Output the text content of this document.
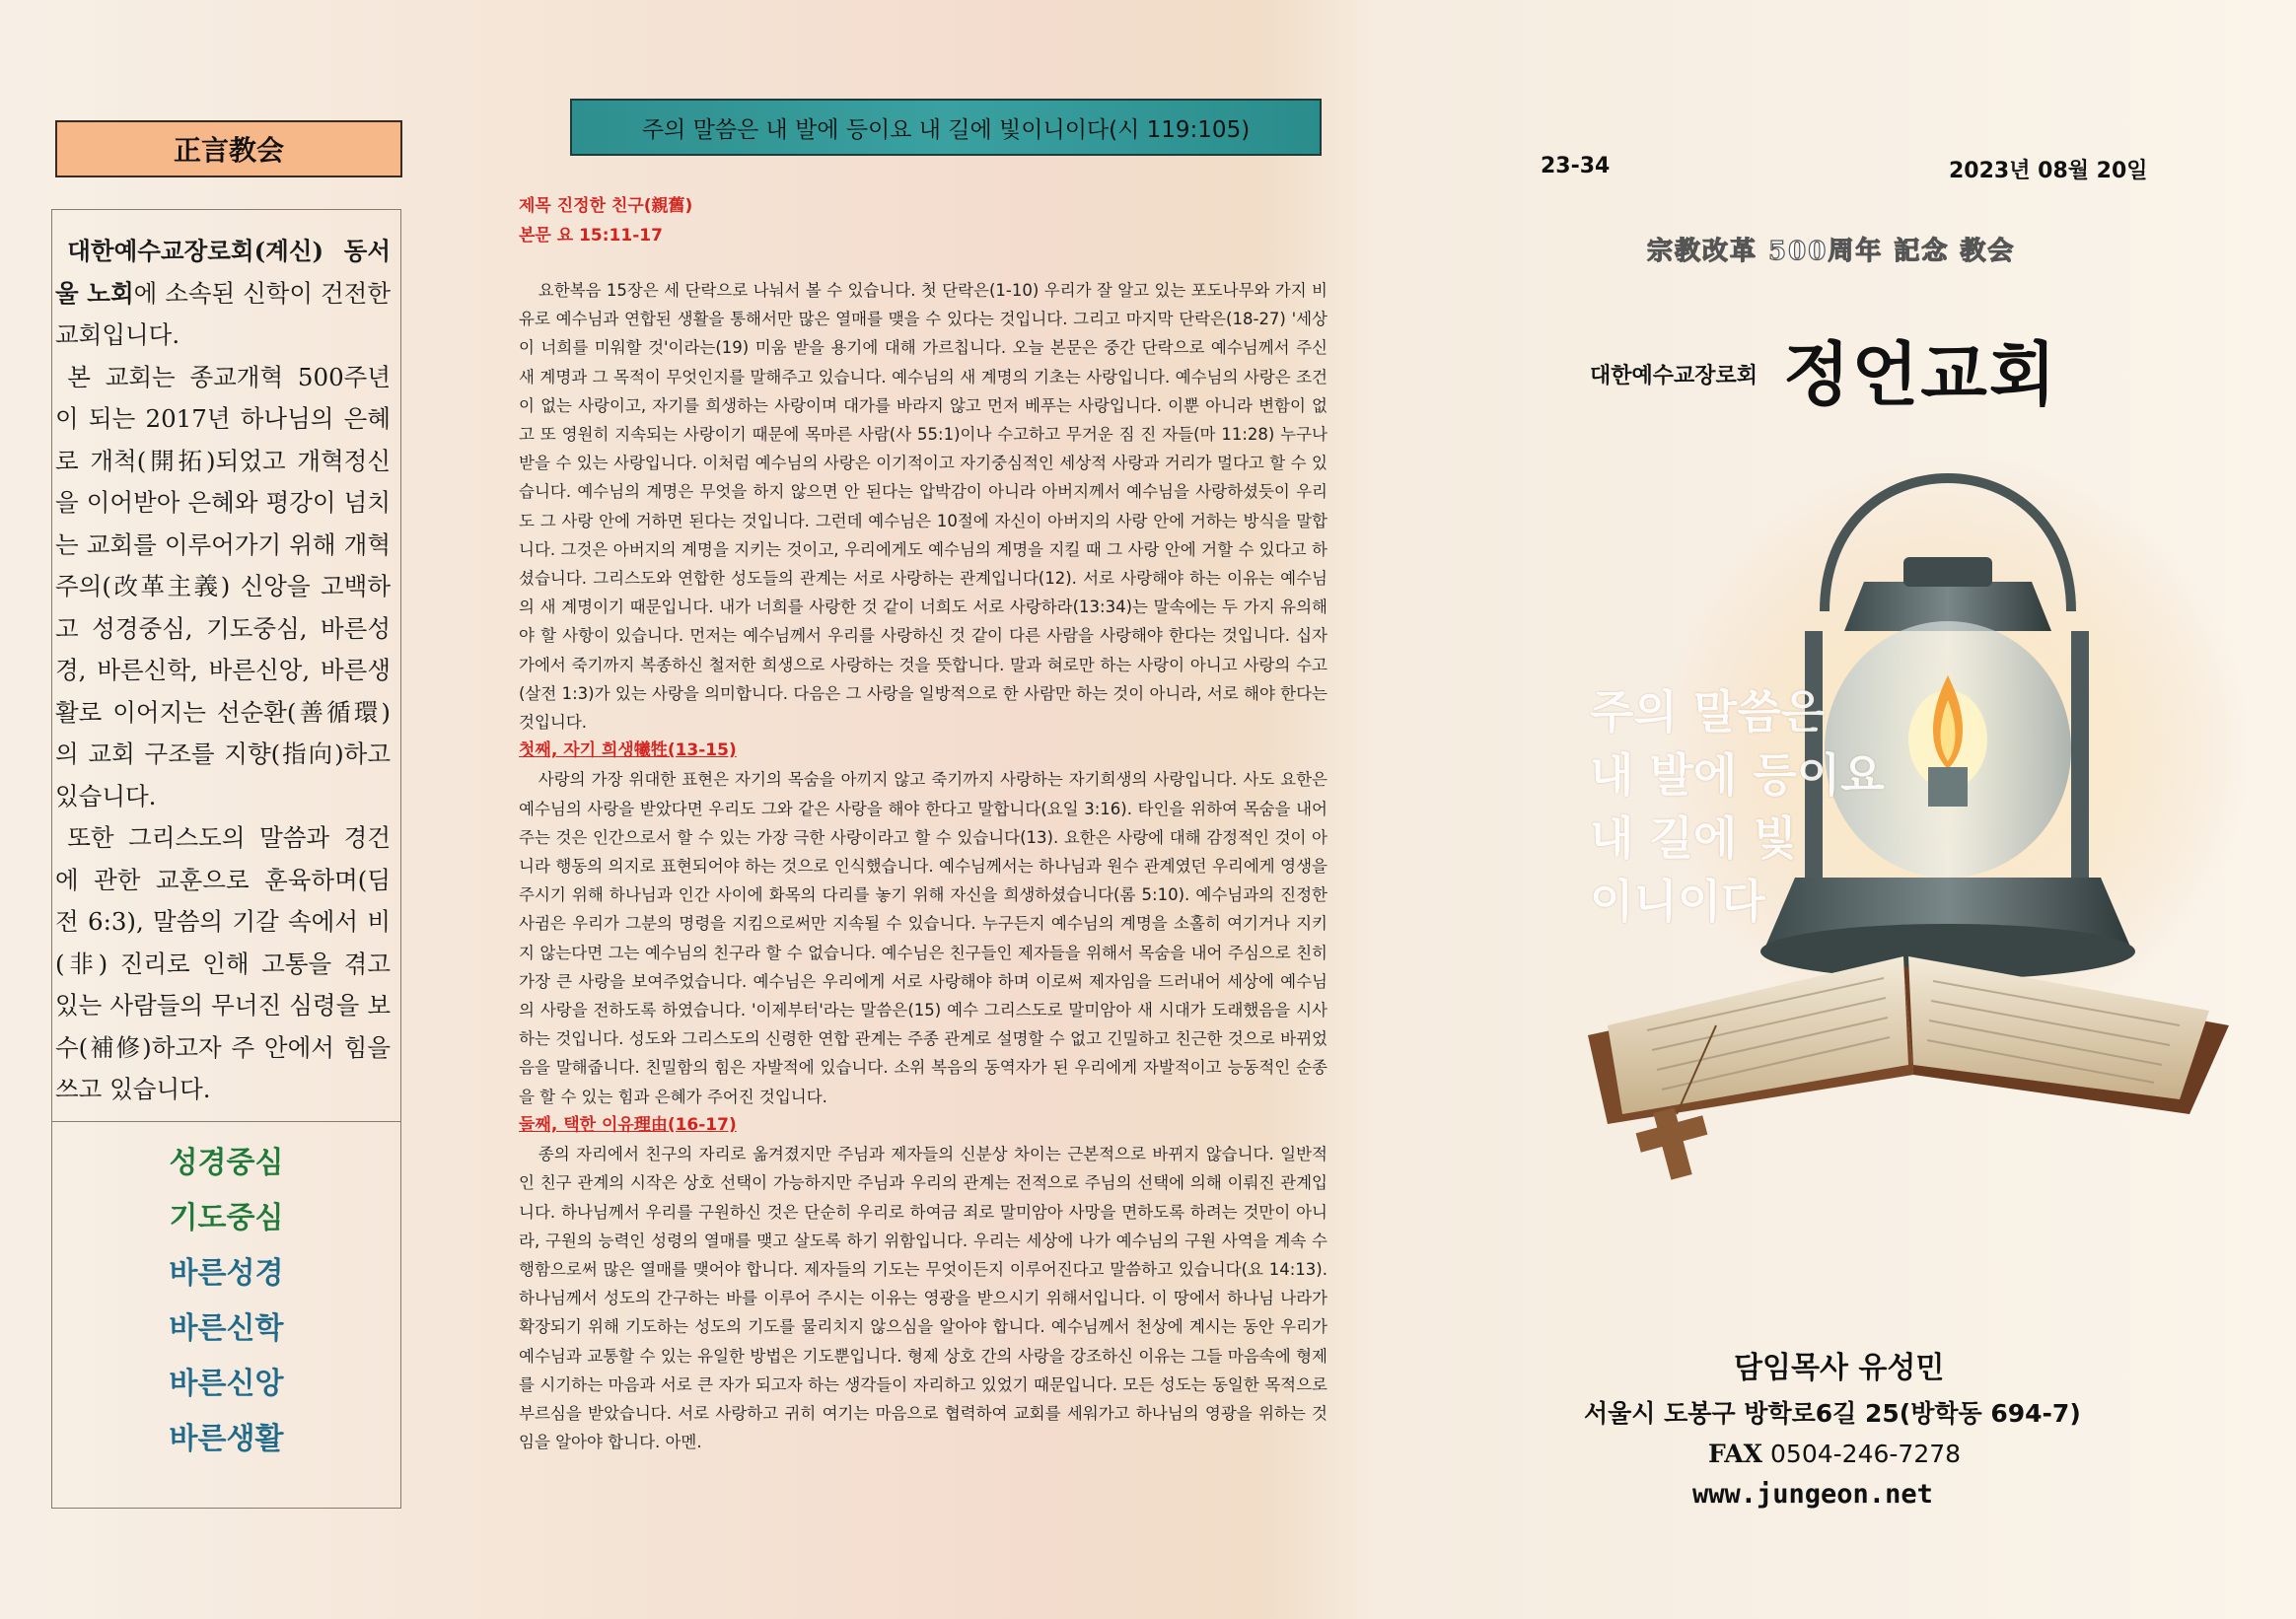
正言教会

대한예수교장로회(계신) 동서울 노회에 소속된 신학이 건전한 교회입니다.

본 교회는 종교개혁 500주년이 되는 2017년 하나님의 은혜로 개척(開拓)되었고 개혁정신을 이어받아 은혜와 평강이 넘치는 교회를 이루어가기 위해 개혁주의(改革主義) 신앙을 고백하고 성경중심, 기도중심, 바른성경, 바른신학, 바른신앙, 바른생활로 이어지는 선순환(善循環)의 교회 구조를 지향(指向)하고 있습니다.

또한 그리스도의 말씀과 경건에 관한 교훈으로 훈육하며(딤전 6:3), 말씀의 기갈 속에서 비(非) 진리로 인해 고통을 겪고 있는 사람들의 무너진 심령을 보수(補修)하고자 주 안에서 힘을 쓰고 있습니다.

성경중심
기도중심
바른성경
바른신학
바른신앙
바른생활
주의 말씀은 내 발에 등이요 내 길에 빛이니이다(시 119:105)
제목 진정한 친구(親舊)
본문 요 15:11-17

요한복음 15장은 세 단락으로 나눠서 볼 수 있습니다. 첫 단락은(1-10) 우리가 잘 알고 있는 포도나무와 가지 비유로 예수님과 연합된 생활을 통해서만 많은 열매를 맺을 수 있다는 것입니다. 그리고 마지막 단락은(18-27) '세상이 너희를 미워할 것'이라는(19) 미움 받을 용기에 대해 가르칩니다. 오늘 본문은 중간 단락으로 예수님께서 주신 새 계명과 그 목적이 무엇인지를 말해주고 있습니다. 예수님의 새 계명의 기초는 사랑입니다. 예수님의 사랑은 조건이 없는 사랑이고, 자기를 희생하는 사랑이며 대가를 바라지 않고 먼저 베푸는 사랑입니다. 이뿐 아니라 변함이 없고 또 영원히 지속되는 사랑이기 때문에 목마른 사람(사 55:1)이나 수고하고 무거운 짐 진 자들(마 11:28) 누구나 받을 수 있는 사랑입니다. 이처럼 예수님의 사랑은 이기적이고 자기중심적인 세상적 사랑과 거리가 멀다고 할 수 있습니다. 예수님의 계명은 무엇을 하지 않으면 안 된다는 압박감이 아니라 아버지께서 예수님을 사랑하셨듯이 우리도 그 사랑 안에 거하면 된다는 것입니다. 그런데 예수님은 10절에 자신이 아버지의 사랑 안에 거하는 방식을 말합니다. 그것은 아버지의 계명을 지키는 것이고, 우리에게도 예수님의 계명을 지킬 때 그 사랑 안에 거할 수 있다고 하셨습니다. 그리스도와 연합한 성도들의 관계는 서로 사랑하는 관계입니다(12). 서로 사랑해야 하는 이유는 예수님의 새 계명이기 때문입니다. 내가 너희를 사랑한 것 같이 너희도 서로 사랑하라(13:34)는 말속에는 두 가지 유의해야 할 사항이 있습니다. 먼저는 예수님께서 우리를 사랑하신 것 같이 다른 사람을 사랑해야 한다는 것입니다. 십자가에서 죽기까지 복종하신 철저한 희생으로 사랑하는 것을 뜻합니다. 말과 혀로만 하는 사랑이 아니고 사랑의 수고(살전 1:3)가 있는 사랑을 의미합니다. 다음은 그 사랑을 일방적으로 한 사람만 하는 것이 아니라, 서로 해야 한다는 것입니다.

첫째, 자기 희생犧牲(13-15)

사랑의 가장 위대한 표현은 자기의 목숨을 아끼지 않고 죽기까지 사랑하는 자기희생의 사랑입니다. 사도 요한은 예수님의 사랑을 받았다면 우리도 그와 같은 사랑을 해야 한다고 말합니다(요일 3:16). 타인을 위하여 목숨을 내어 주는 것은 인간으로서 할 수 있는 가장 극한 사랑이라고 할 수 있습니다(13). 요한은 사랑에 대해 감정적인 것이 아니라 행동의 의지로 표현되어야 하는 것으로 인식했습니다. 예수님께서는 하나님과 원수 관계였던 우리에게 영생을 주시기 위해 하나님과 인간 사이에 화목의 다리를 놓기 위해 자신을 희생하셨습니다(롬 5:10). 예수님과의 진정한 사귐은 우리가 그분의 명령을 지킴으로써만 지속될 수 있습니다. 누구든지 예수님의 계명을 소홀히 여기거나 지키지 않는다면 그는 예수님의 친구라 할 수 없습니다. 예수님은 친구들인 제자들을 위해서 목숨을 내어 주심으로 친히 가장 큰 사랑을 보여주었습니다. 예수님은 우리에게 서로 사랑해야 하며 이로써 제자임을 드러내어 세상에 예수님의 사랑을 전하도록 하였습니다. '이제부터'라는 말씀은(15) 예수 그리스도로 말미암아 새 시대가 도래했음을 시사하는 것입니다. 성도와 그리스도의 신령한 연합 관계는 주종 관계로 설명할 수 없고 긴밀하고 친근한 것으로 바뀌었음을 말해줍니다. 친밀함의 힘은 자발적에 있습니다. 소위 복음의 동역자가 된 우리에게 자발적이고 능동적인 순종을 할 수 있는 힘과 은혜가 주어진 것입니다.

둘째, 택한 이유理由(16-17)

종의 자리에서 친구의 자리로 옮겨졌지만 주님과 제자들의 신분상 차이는 근본적으로 바뀌지 않습니다. 일반적인 친구 관계의 시작은 상호 선택이 가능하지만 주님과 우리의 관계는 전적으로 주님의 선택에 의해 이뤄진 관계입니다. 하나님께서 우리를 구원하신 것은 단순히 우리로 하여금 죄로 말미암아 사망을 면하도록 하려는 것만이 아니라, 구원의 능력인 성령의 열매를 맺고 살도록 하기 위함입니다. 우리는 세상에 나가 예수님의 구원 사역을 계속 수행함으로써 많은 열매를 맺어야 합니다. 제자들의 기도는 무엇이든지 이루어진다고 말씀하고 있습니다(요 14:13). 하나님께서 성도의 간구하는 바를 이루어 주시는 이유는 영광을 받으시기 위해서입니다. 이 땅에서 하나님 나라가 확장되기 위해 기도하는 성도의 기도를 물리치지 않으심을 알아야 합니다. 예수님께서 천상에 계시는 동안 우리가 예수님과 교통할 수 있는 유일한 방법은 기도뿐입니다. 형제 상호 간의 사랑을 강조하신 이유는 그들 마음속에 형제를 시기하는 마음과 서로 큰 자가 되고자 하는 생각들이 자리하고 있었기 때문입니다. 모든 성도는 동일한 목적으로 부르심을 받았습니다. 서로 사랑하고 귀히 여기는 마음으로 협력하여 교회를 세워가고 하나님의 영광을 위하는 것임을 알아야 합니다. 아멘.

23-34	2023년 08월 20일
宗教改革 500周年 記念 教会
대한예수교장로회 정언교회
주의 말씀은
내 발에 등이요
내 길에 빛
이니이다
담임목사 유성민
서울시 도봉구 방학로6길 25(방학동 694-7)
FAX 0504-246-7278
www.jungeon.net
